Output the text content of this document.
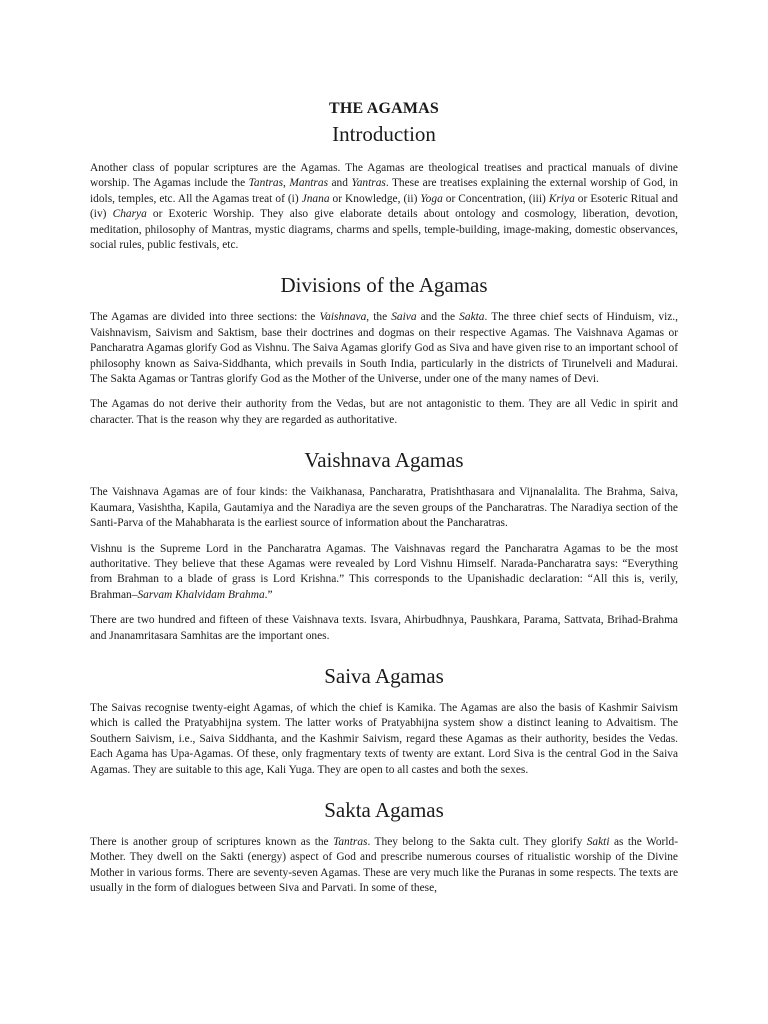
THE AGAMAS
Introduction

Another class of popular scriptures are the Agamas. The Agamas are theological treatises and practical manuals of divine worship. The Agamas include the Tantras, Mantras and Yantras. These are treatises explaining the external worship of God, in idols, temples, etc. All the Agamas treat of (i) Jnana or Knowledge, (ii) Yoga or Concentration, (iii) Kriya or Esoteric Ritual and (iv) Charya or Exoteric Worship. They also give elaborate details about ontology and cosmology, liberation, devotion, meditation, philosophy of Mantras, mystic diagrams, charms and spells, temple-building, image-making, domestic observances, social rules, public festivals, etc.

Divisions of the Agamas

The Agamas are divided into three sections: the Vaishnava, the Saiva and the Sakta. The three chief sects of Hinduism, viz., Vaishnavism, Saivism and Saktism, base their doctrines and dogmas on their respective Agamas. The Vaishnava Agamas or Pancharatra Agamas glorify God as Vishnu. The Saiva Agamas glorify God as Siva and have given rise to an important school of philosophy known as Saiva-Siddhanta, which prevails in South India, particularly in the districts of Tirunelveli and Madurai. The Sakta Agamas or Tantras glorify God as the Mother of the Universe, under one of the many names of Devi.

The Agamas do not derive their authority from the Vedas, but are not antagonistic to them. They are all Vedic in spirit and character. That is the reason why they are regarded as authoritative.

Vaishnava Agamas

The Vaishnava Agamas are of four kinds: the Vaikhanasa, Pancharatra, Pratishthasara and Vijnanalalita. The Brahma, Saiva, Kaumara, Vasishtha, Kapila, Gautamiya and the Naradiya are the seven groups of the Pancharatras. The Naradiya section of the Santi-Parva of the Mahabharata is the earliest source of information about the Pancharatras.

Vishnu is the Supreme Lord in the Pancharatra Agamas. The Vaishnavas regard the Pancharatra Agamas to be the most authoritative. They believe that these Agamas were revealed by Lord Vishnu Himself. Narada-Pancharatra says: “Everything from Brahman to a blade of grass is Lord Krishna.” This corresponds to the Upanishadic declaration: “All this is, verily, Brahman–Sarvam Khalvidam Brahma.”

There are two hundred and fifteen of these Vaishnava texts. Isvara, Ahirbudhnya, Paushkara, Parama, Sattvata, Brihad-Brahma and Jnanamritasara Samhitas are the important ones.

Saiva Agamas

The Saivas recognise twenty-eight Agamas, of which the chief is Kamika. The Agamas are also the basis of Kashmir Saivism which is called the Pratyabhijna system. The latter works of Pratyabhijna system show a distinct leaning to Advaitism. The Southern Saivism, i.e., Saiva Siddhanta, and the Kashmir Saivism, regard these Agamas as their authority, besides the Vedas. Each Agama has Upa-Agamas. Of these, only fragmentary texts of twenty are extant. Lord Siva is the central God in the Saiva Agamas. They are suitable to this age, Kali Yuga. They are open to all castes and both the sexes.

Sakta Agamas

There is another group of scriptures known as the Tantras. They belong to the Sakta cult. They glorify Sakti as the World-Mother. They dwell on the Sakti (energy) aspect of God and prescribe numerous courses of ritualistic worship of the Divine Mother in various forms. There are seventy-seven Agamas. These are very much like the Puranas in some respects. The texts are usually in the form of dialogues between Siva and Parvati. In some of these,
